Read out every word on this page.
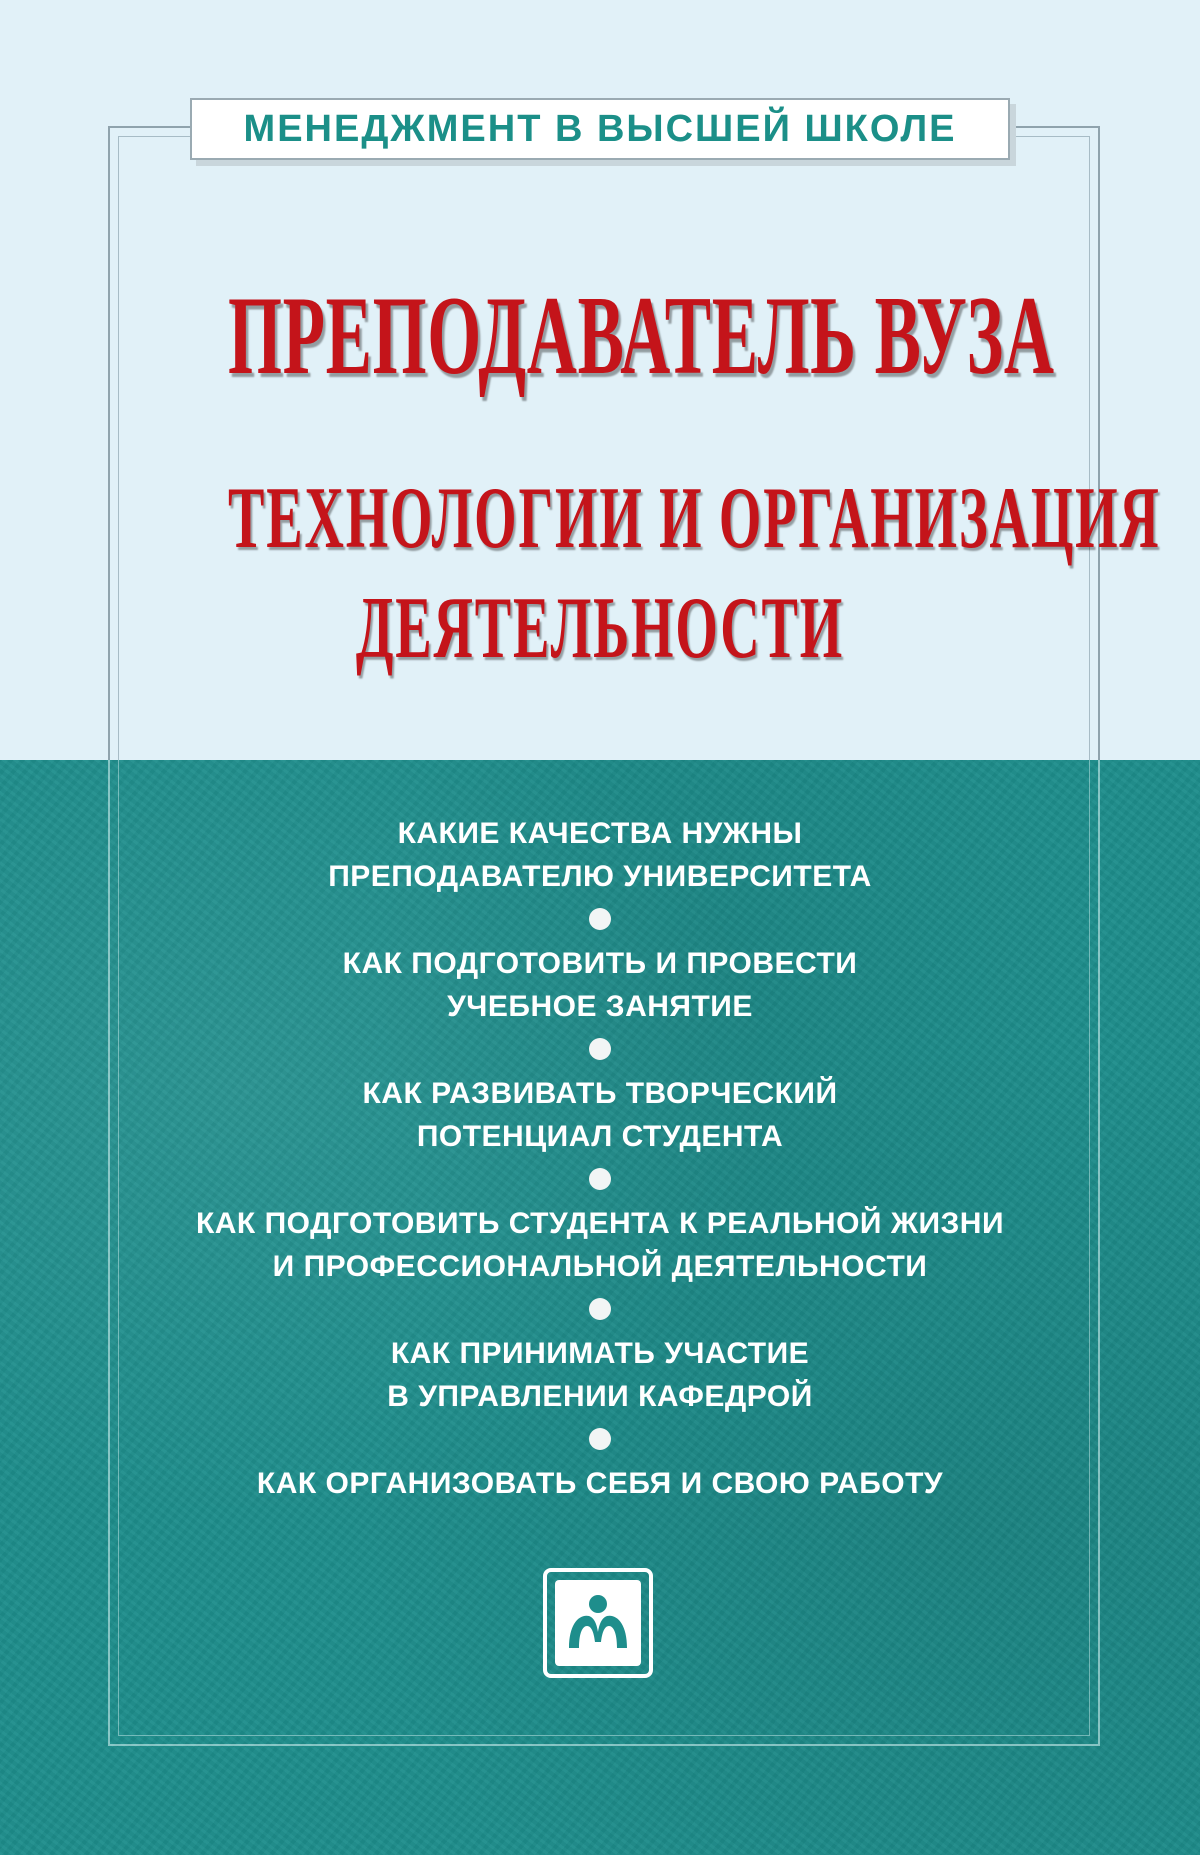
МЕНЕДЖМЕНТ В ВЫСШЕЙ ШКОЛЕ
ПРЕПОДАВАТЕЛЬ ВУЗА
ТЕХНОЛОГИИ И ОРГАНИЗАЦИЯ
ДЕЯТЕЛЬНОСТИ
КАКИЕ КАЧЕСТВА НУЖНЫ
ПРЕПОДАВАТЕЛЮ УНИВЕРСИТЕТА
КАК ПОДГОТОВИТЬ И ПРОВЕСТИ
УЧЕБНОЕ ЗАНЯТИЕ
КАК РАЗВИВАТЬ ТВОРЧЕСКИЙ
ПОТЕНЦИАЛ СТУДЕНТА
КАК ПОДГОТОВИТЬ СТУДЕНТА К РЕАЛЬНОЙ ЖИЗНИ
И ПРОФЕССИОНАЛЬНОЙ ДЕЯТЕЛЬНОСТИ
КАК ПРИНИМАТЬ УЧАСТИЕ
В УПРАВЛЕНИИ КАФЕДРОЙ
КАК ОРГАНИЗОВАТЬ СЕБЯ И СВОЮ РАБОТУ
